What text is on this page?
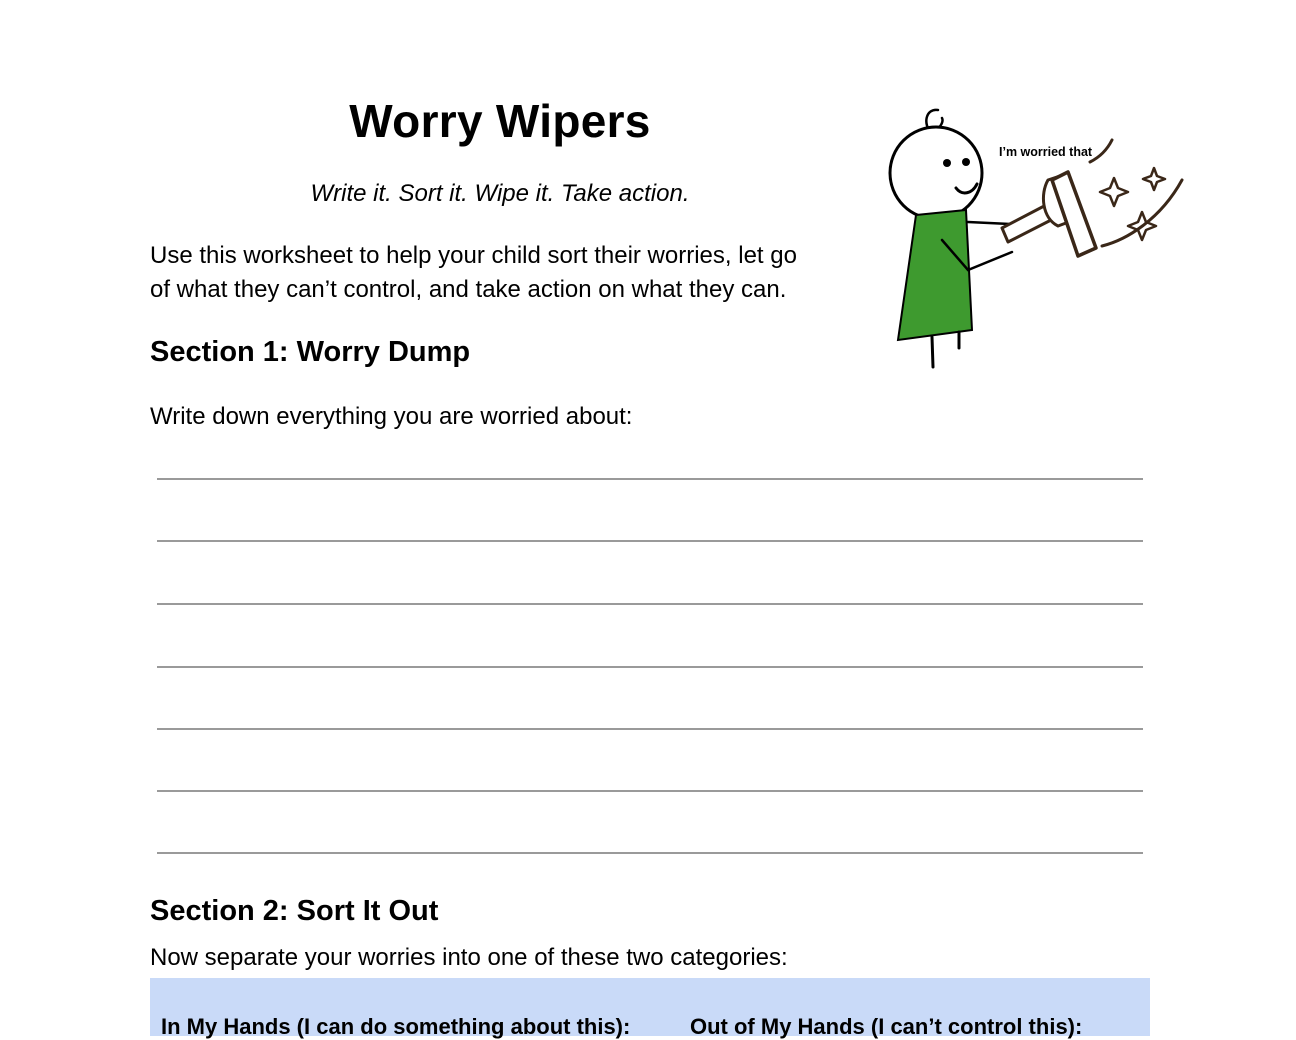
Worry Wipers
Write it. Sort it. Wipe it. Take action.
Use this worksheet to help your child sort their worries, let go
of what they can’t control, and take action on what they can.
I’m worried that
Section 1: Worry Dump
Write down everything you are worried about:
Section 2: Sort It Out
Now separate your worries into one of these two categories:
In My Hands (I can do something about this):	Out of My Hands (I can’t control this):
